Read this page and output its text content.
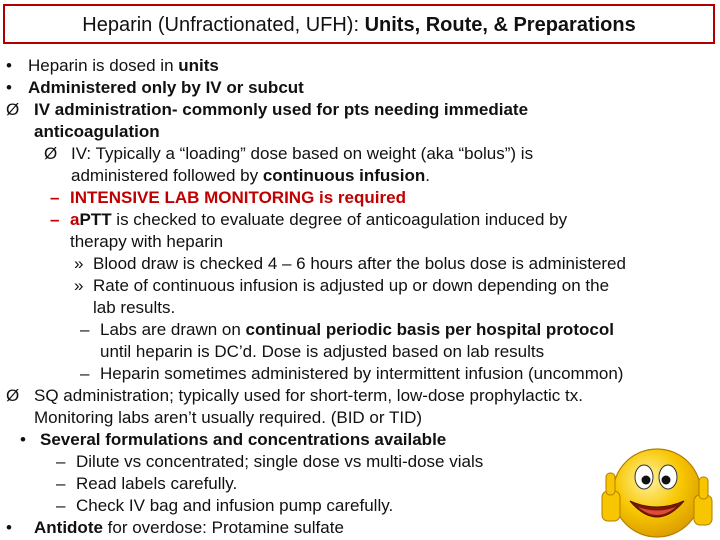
Heparin (Unfractionated, UFH): Units, Route, & Preparations
• Heparin is dosed in units
• Administered only by IV or subcut
Ø IV administration- commonly used for pts needing immediate
anticoagulation
Ø IV: Typically a “loading” dose based on weight (aka “bolus”) is
administered followed by continuous infusion.
– INTENSIVE LAB MONITORING is required
– aPTT is checked to evaluate degree of anticoagulation induced by
therapy with heparin
» Blood draw is checked 4 – 6 hours after the bolus dose is administered
» Rate of continuous infusion is adjusted up or down depending on the
lab results.
– Labs are drawn on continual periodic basis per hospital protocol
until heparin is DC’d. Dose is adjusted based on lab results
– Heparin sometimes administered by intermittent infusion (uncommon)
Ø SQ administration; typically used for short-term, low-dose prophylactic tx.
Monitoring labs aren’t usually required. (BID or TID)
• Several formulations and concentrations available
– Dilute vs concentrated; single dose vs multi-dose vials
– Read labels carefully.
– Check IV bag and infusion pump carefully.
• Antidote for overdose: Protamine sulfate
